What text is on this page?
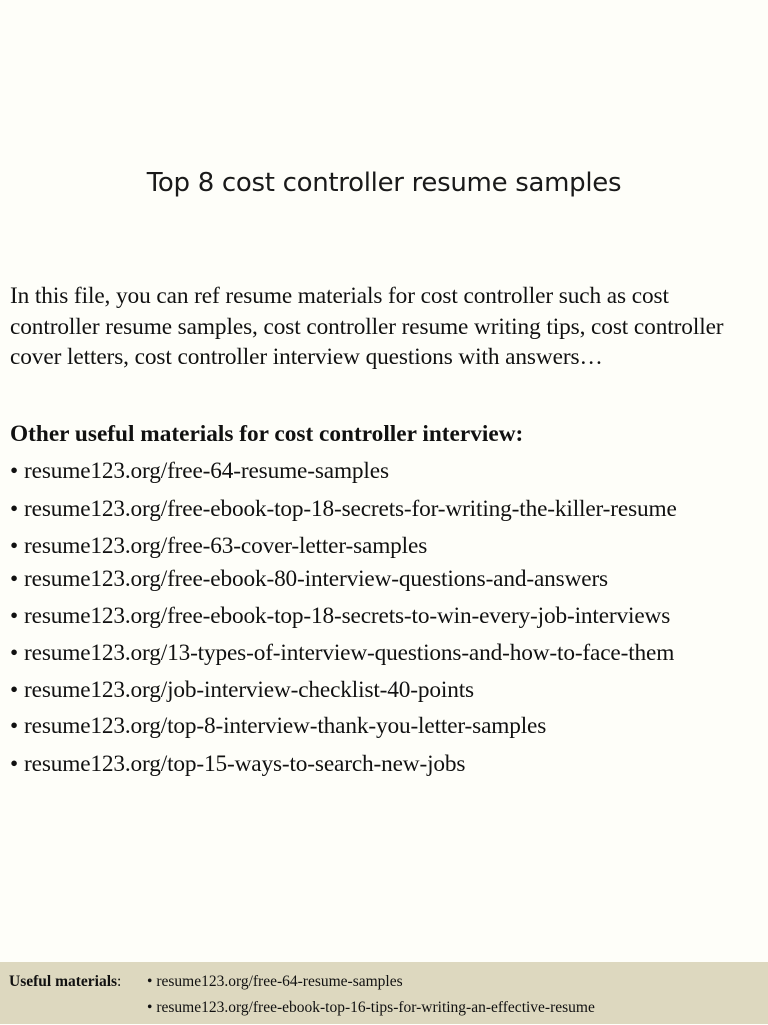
Top 8 cost controller resume samples
In this file, you can ref resume materials for cost controller such as cost controller resume samples, cost controller resume writing tips, cost controller cover letters, cost controller interview questions with answers…
Other useful materials for cost controller interview:
• resume123.org/free-64-resume-samples
• resume123.org/free-ebook-top-18-secrets-for-writing-the-killer-resume
• resume123.org/free-63-cover-letter-samples
• resume123.org/free-ebook-80-interview-questions-and-answers
• resume123.org/free-ebook-top-18-secrets-to-win-every-job-interviews
• resume123.org/13-types-of-interview-questions-and-how-to-face-them
• resume123.org/job-interview-checklist-40-points
• resume123.org/top-8-interview-thank-you-letter-samples
• resume123.org/top-15-ways-to-search-new-jobs
Useful materials: • resume123.org/free-64-resume-samples
• resume123.org/free-ebook-top-16-tips-for-writing-an-effective-resume
